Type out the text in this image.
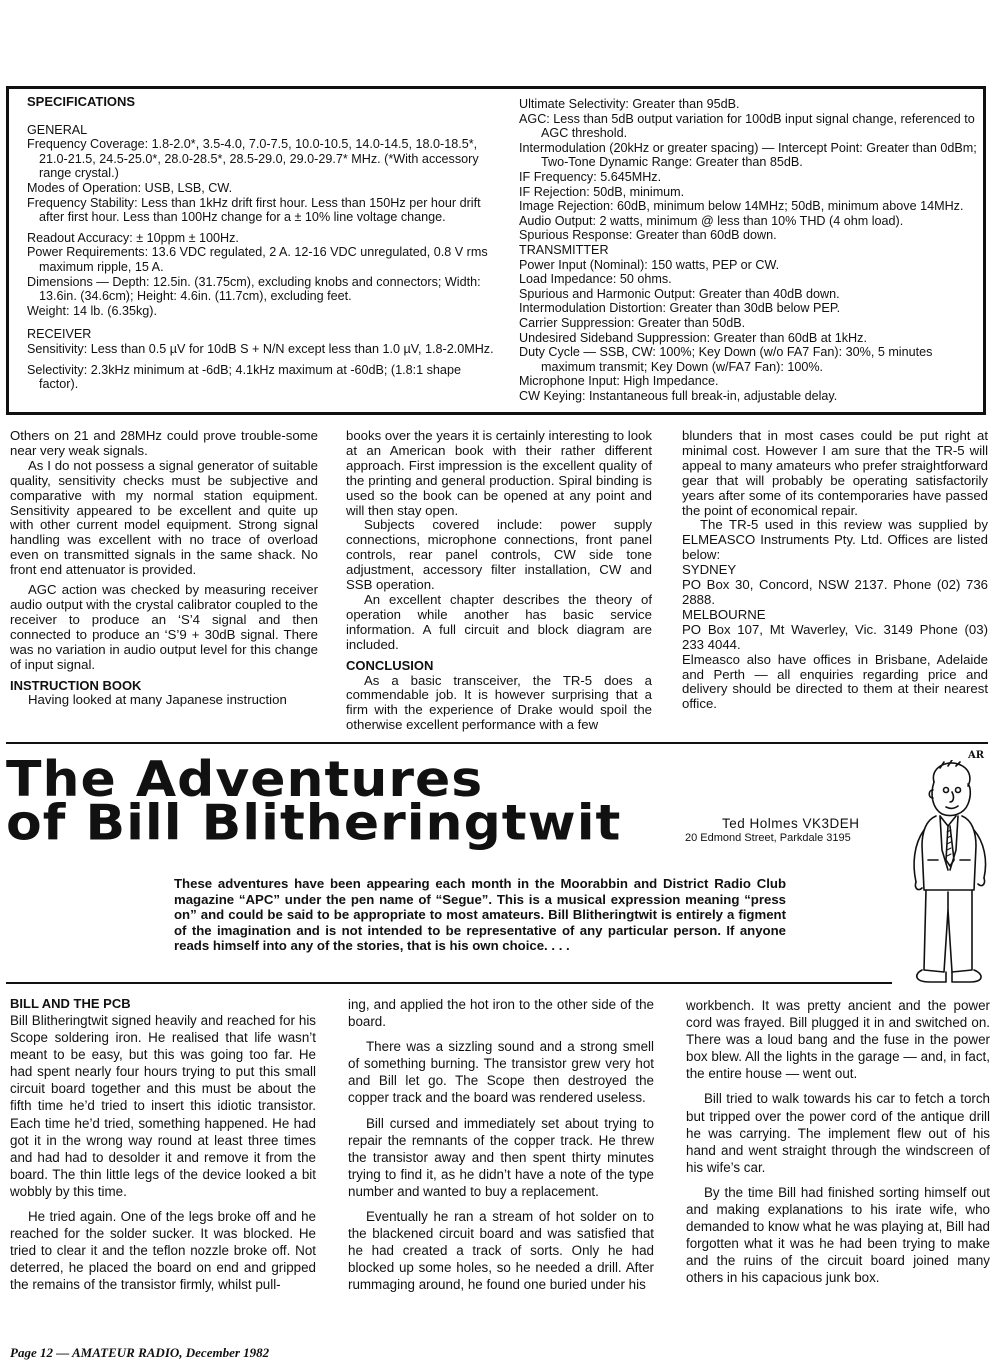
SPECIFICATIONS
GENERAL
Frequency Coverage: 1.8-2.0*, 3.5-4.0, 7.0-7.5, 10.0-10.5, 14.0-14.5, 18.0-18.5*, 21.0-21.5, 24.5-25.0*, 28.0-28.5*, 28.5-29.0, 29.0-29.7* MHz. (*With accessory range crystal.)
Modes of Operation: USB, LSB, CW.
Frequency Stability: Less than 1kHz drift first hour. Less than 150Hz per hour drift after first hour. Less than 100Hz change for a ± 10% line voltage change.
Readout Accuracy: ± 10ppm ± 100Hz.
Power Requirements: 13.6 VDC regulated, 2 A. 12-16 VDC unregulated, 0.8 V rms maximum ripple, 15 A.
Dimensions — Depth: 12.5in. (31.75cm), excluding knobs and connectors; Width: 13.6in. (34.6cm); Height: 4.6in. (11.7cm), excluding feet.
Weight: 14 lb. (6.35kg).
RECEIVER
Sensitivity: Less than 0.5 µV for 10dB S + N/N except less than 1.0 µV, 1.8-2.0MHz.
Selectivity: 2.3kHz minimum at -6dB; 4.1kHz maximum at -60dB; (1.8:1 shape factor).
Ultimate Selectivity: Greater than 95dB.
AGC: Less than 5dB output variation for 100dB input signal change, referenced to AGC threshold.
Intermodulation (20kHz or greater spacing) — Intercept Point: Greater than 0dBm; Two-Tone Dynamic Range: Greater than 85dB.
IF Frequency: 5.645MHz.
IF Rejection: 50dB, minimum.
Image Rejection: 60dB, minimum below 14MHz; 50dB, minimum above 14MHz.
Audio Output: 2 watts, minimum @ less than 10% THD (4 ohm load).
Spurious Response: Greater than 60dB down.
TRANSMITTER
Power Input (Nominal): 150 watts, PEP or CW.
Load Impedance: 50 ohms.
Spurious and Harmonic Output: Greater than 40dB down.
Intermodulation Distortion: Greater than 30dB below PEP.
Carrier Suppression: Greater than 50dB.
Undesired Sideband Suppression: Greater than 60dB at 1kHz.
Duty Cycle — SSB, CW: 100%; Key Down (w/o FA7 Fan): 30%, 5 minutes maximum transmit; Key Down (w/FA7 Fan): 100%.
Microphone Input: High Impedance.
CW Keying: Instantaneous full break-in, adjustable delay.

Others on 21 and 28MHz could prove trouble-some near very weak signals.

As I do not possess a signal generator of suitable quality, sensitivity checks must be subjective and comparative with my normal station equipment. Sensitivity appeared to be excellent and quite up with other current model equipment. Strong signal handling was excellent with no trace of overload even on transmitted signals in the same shack. No front end attenuator is provided.

AGC action was checked by measuring receiver audio output with the crystal calibrator coupled to the receiver to produce an ‘S’4 signal and then connected to produce an ‘S’9 + 30dB signal. There was no variation in audio output level for this change of input signal.

INSTRUCTION BOOK

Having looked at many Japanese instruction

books over the years it is certainly interesting to look at an American book with their rather different approach. First impression is the excellent quality of the printing and general production. Spiral binding is used so the book can be opened at any point and will then stay open.

Subjects covered include: power supply connections, microphone connections, front panel controls, rear panel controls, CW side tone adjustment, accessory filter installation, CW and SSB operation.

An excellent chapter describes the theory of operation while another has basic service information. A full circuit and block diagram are included.

CONCLUSION

As a basic transceiver, the TR-5 does a commendable job. It is however surprising that a firm with the experience of Drake would spoil the otherwise excellent performance with a few

blunders that in most cases could be put right at minimal cost. However I am sure that the TR-5 will appeal to many amateurs who prefer straightforward gear that will probably be operating satisfactorily years after some of its contemporaries have passed the point of economical repair.

The TR-5 used in this review was supplied by ELMEASCO Instruments Pty. Ltd. Offices are listed below:

SYDNEY

PO Box 30, Concord, NSW 2137. Phone (02) 736 2888.

MELBOURNE

PO Box 107, Mt Waverley, Vic. 3149 Phone (03) 233 4044.

Elmeasco also have offices in Brisbane, Adelaide and Perth — all enquiries regarding price and delivery should be directed to them at their nearest office.

AR
The Adventures
of Bill Blitheringtwit	Ted Holmes VK3DEH
20 Edmond Street, Parkdale 3195
These adventures have been appearing each month in the Moorabbin and District Radio Club magazine “APC” under the pen name of “Segue”. This is a musical expression meaning “press on” and could be said to be appropriate to most amateurs. Bill Blitheringtwit is entirely a figment of the imagination and is not intended to be representative of any particular person. If anyone reads himself into any of the stories, that is his own choice. . . .
BILL AND THE PCB

Bill Blitheringtwit signed heavily and reached for his Scope soldering iron. He realised that life wasn’t meant to be easy, but this was going too far. He had spent nearly four hours trying to put this small circuit board together and this must be about the fifth time he’d tried to insert this idiotic transistor. Each time he’d tried, something happened. He had got it in the wrong way round at least three times and had had to desolder it and remove it from the board. The thin little legs of the device looked a bit wobbly by this time.

He tried again. One of the legs broke off and he reached for the solder sucker. It was blocked. He tried to clear it and the teflon nozzle broke off. Not deterred, he placed the board on end and gripped the remains of the transistor firmly, whilst pull-

ing, and applied the hot iron to the other side of the board.

There was a sizzling sound and a strong smell of something burning. The transistor grew very hot and Bill let go. The Scope then destroyed the copper track and the board was rendered useless.

Bill cursed and immediately set about trying to repair the remnants of the copper track. He threw the transistor away and then spent thirty minutes trying to find it, as he didn’t have a note of the type number and wanted to buy a replacement.

Eventually he ran a stream of hot solder on to the blackened circuit board and was satisfied that he had created a track of sorts. Only he had blocked up some holes, so he needed a drill. After rummaging around, he found one buried under his

workbench. It was pretty ancient and the power cord was frayed. Bill plugged it in and switched on. There was a loud bang and the fuse in the power box blew. All the lights in the garage — and, in fact, the entire house — went out.

Bill tried to walk towards his car to fetch a torch but tripped over the power cord of the antique drill he was carrying. The implement flew out of his hand and went straight through the windscreen of his wife’s car.

By the time Bill had finished sorting himself out and making explanations to his irate wife, who demanded to know what he was playing at, Bill had forgotten what it was he had been trying to make and the ruins of the circuit board joined many others in his capacious junk box.

Page 12 — AMATEUR RADIO, December 1982
